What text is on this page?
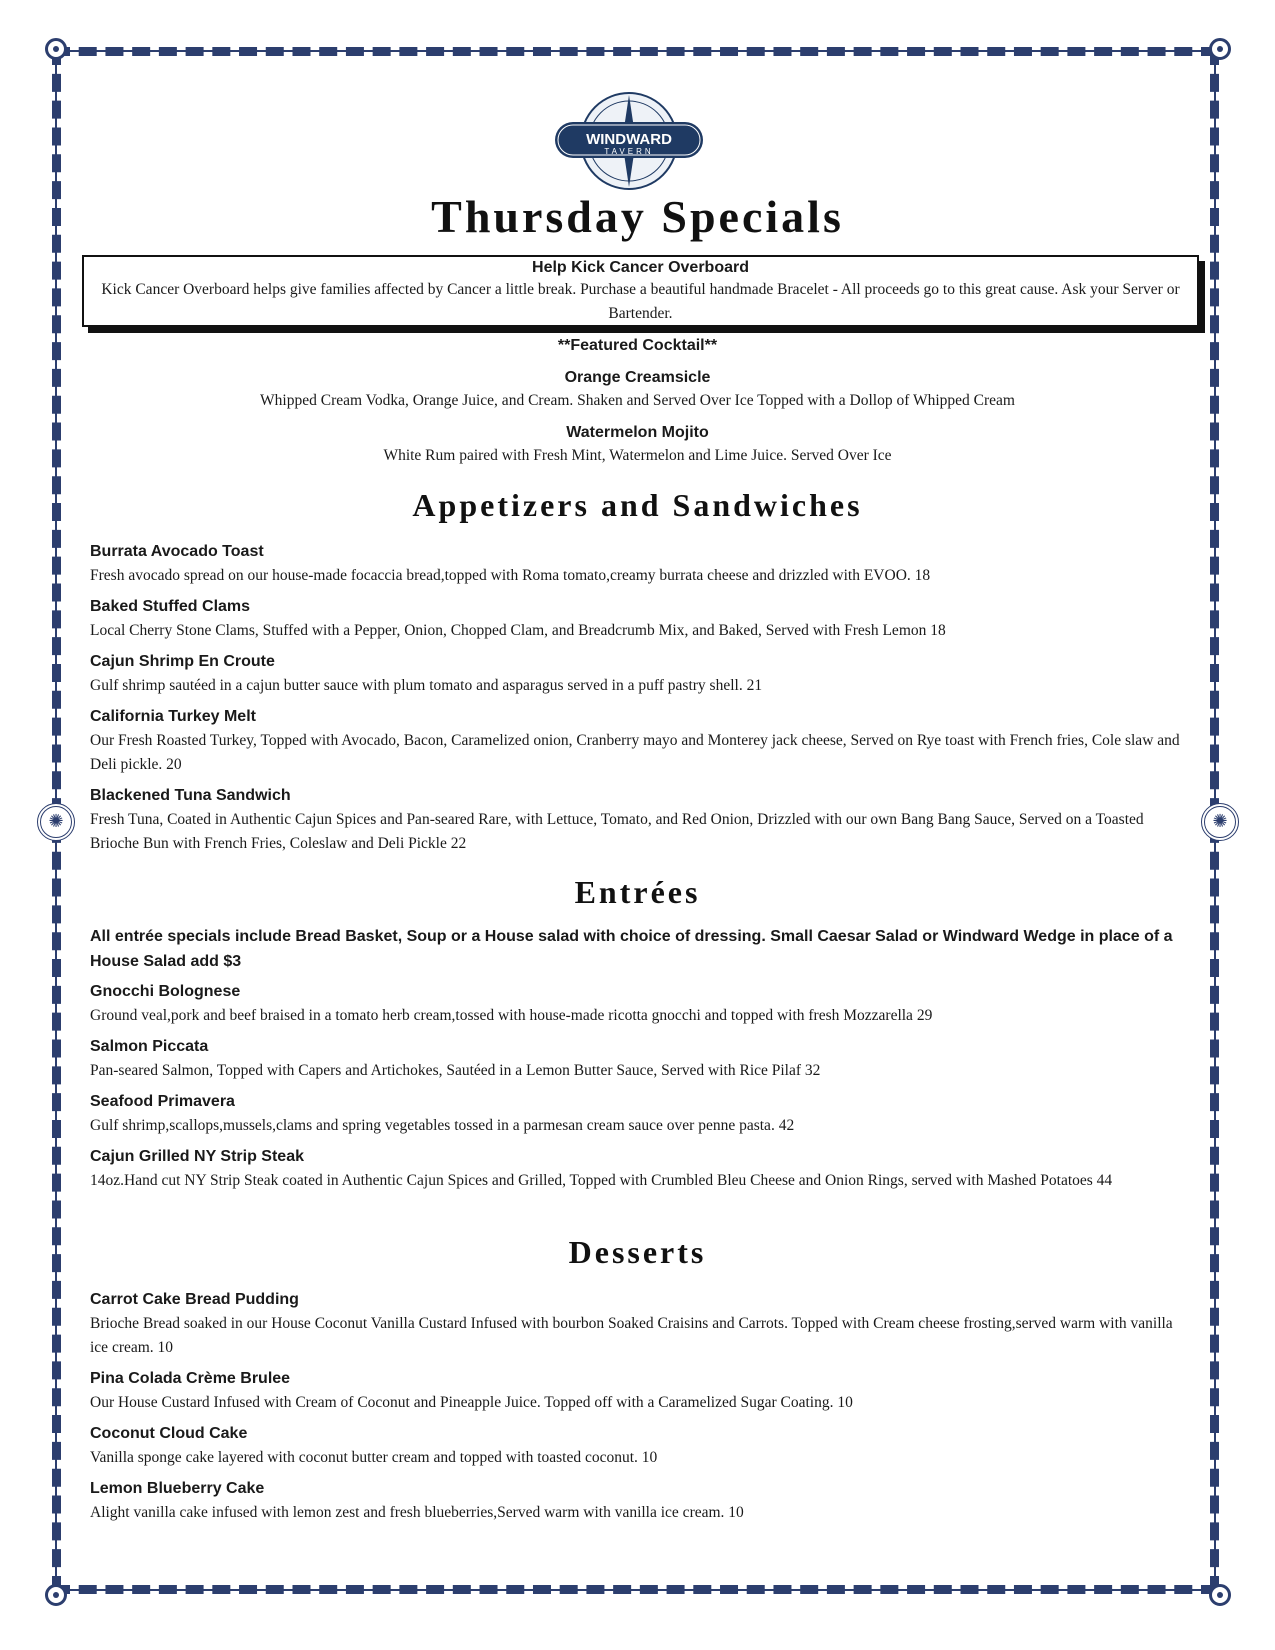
✺
✺
WINDWARD
TAVERN
Thursday Specials
Help Kick Cancer Overboard
Kick Cancer Overboard helps give families affected by Cancer a little break. Purchase a beautiful handmade Bracelet - All proceeds go to this great cause. Ask your Server or Bartender.
**Featured Cocktail**
Orange Creamsicle
Whipped Cream Vodka, Orange Juice, and Cream. Shaken and Served Over Ice Topped with a Dollop of Whipped Cream
Watermelon Mojito
White Rum paired with Fresh Mint, Watermelon and Lime Juice. Served Over Ice
Appetizers and Sandwiches
Burrata Avocado Toast
Fresh avocado spread on our house-made focaccia bread,topped with Roma tomato,creamy burrata cheese and drizzled with EVOO. 18
Baked Stuffed Clams
Local Cherry Stone Clams, Stuffed with a Pepper, Onion, Chopped Clam, and Breadcrumb Mix, and Baked, Served with Fresh Lemon 18
Cajun Shrimp En Croute
Gulf shrimp sautéed in a cajun butter sauce with plum tomato and asparagus served in a puff pastry shell. 21
California Turkey Melt
Our Fresh Roasted Turkey, Topped with Avocado, Bacon, Caramelized onion, Cranberry mayo and Monterey jack cheese, Served on Rye toast with French fries, Cole slaw and Deli pickle. 20
Blackened Tuna Sandwich
Fresh Tuna, Coated in Authentic Cajun Spices and Pan-seared Rare, with Lettuce, Tomato, and Red Onion, Drizzled with our own Bang Bang Sauce, Served on a Toasted Brioche Bun with French Fries, Coleslaw and Deli Pickle 22
Entrées
All entrée specials include Bread Basket, Soup or a House salad with choice of dressing. Small Caesar Salad or Windward Wedge in place of a House Salad add $3
Gnocchi Bolognese
Ground veal,pork and beef braised in a tomato herb cream,tossed with house-made ricotta gnocchi and topped with fresh Mozzarella 29
Salmon Piccata
Pan-seared Salmon, Topped with Capers and Artichokes, Sautéed in a Lemon Butter Sauce, Served with Rice Pilaf 32
Seafood Primavera
Gulf shrimp,scallops,mussels,clams and spring vegetables tossed in a parmesan cream sauce over penne pasta. 42
Cajun Grilled NY Strip Steak
14oz.Hand cut NY Strip Steak coated in Authentic Cajun Spices and Grilled, Topped with Crumbled Bleu Cheese and Onion Rings, served with Mashed Potatoes 44
Desserts
Carrot Cake Bread Pudding
Brioche Bread soaked in our House Coconut Vanilla Custard Infused with bourbon Soaked Craisins and Carrots. Topped with Cream cheese frosting,served warm with vanilla ice cream. 10
Pina Colada Crème Brulee
Our House Custard Infused with Cream of Coconut and Pineapple Juice. Topped off with a Caramelized Sugar Coating. 10
Coconut Cloud Cake
Vanilla sponge cake layered with coconut butter cream and topped with toasted coconut. 10
Lemon Blueberry Cake
Alight vanilla cake infused with lemon zest and fresh blueberries,Served warm with vanilla ice cream. 10
